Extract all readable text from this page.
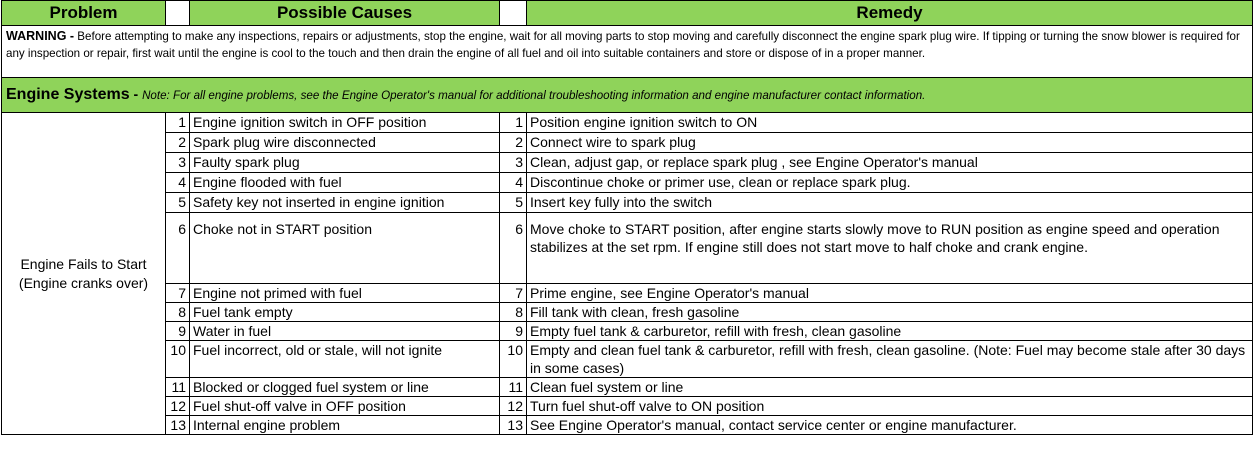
Problem		Possible Causes		Remedy
WARNING - Before attempting to make any inspections, repairs or adjustments, stop the engine, wait for all moving parts to stop moving and carefully disconnect the engine spark plug wire. If tipping or turning the snow blower is required for any inspection or repair, first wait until the engine is cool to the touch and then drain the engine of all fuel and oil into suitable containers and store or dispose of in a proper manner.				
Engine Systems - Note: For all engine problems, see the Engine Operator's manual for additional troubleshooting information and engine manufacturer contact information.				
Engine Fails to Start
(Engine cranks over)	1	Engine ignition switch in OFF position	1	Position engine ignition switch to ON
	2	Spark plug wire disconnected	2	Connect wire to spark plug
	3	Faulty spark plug	3	Clean, adjust gap, or replace spark plug , see Engine Operator's manual
	4	Engine flooded with fuel	4	Discontinue choke or primer use, clean or replace spark plug.
	5	Safety key not inserted in engine ignition	5	Insert key fully into the switch
	6	Choke not in START position	6	Move choke to START position, after engine starts slowly move to RUN position as engine speed and operation stabilizes at the set rpm. If engine still does not start move to half choke and crank engine.
	7	Engine not primed with fuel	7	Prime engine, see Engine Operator's manual
	8	Fuel tank empty	8	Fill tank with clean, fresh gasoline
	9	Water in fuel	9	Empty fuel tank & carburetor, refill with fresh, clean gasoline
	10	Fuel incorrect, old or stale, will not ignite	10	Empty and clean fuel tank & carburetor, refill with fresh, clean gasoline. (Note: Fuel may become stale after 30 days in some cases)
	11	Blocked or clogged fuel system or line	11	Clean fuel system or line
	12	Fuel shut-off valve in OFF position	12	Turn fuel shut-off valve to ON position
	13	Internal engine problem	13	See Engine Operator's manual, contact service center or engine manufacturer.
